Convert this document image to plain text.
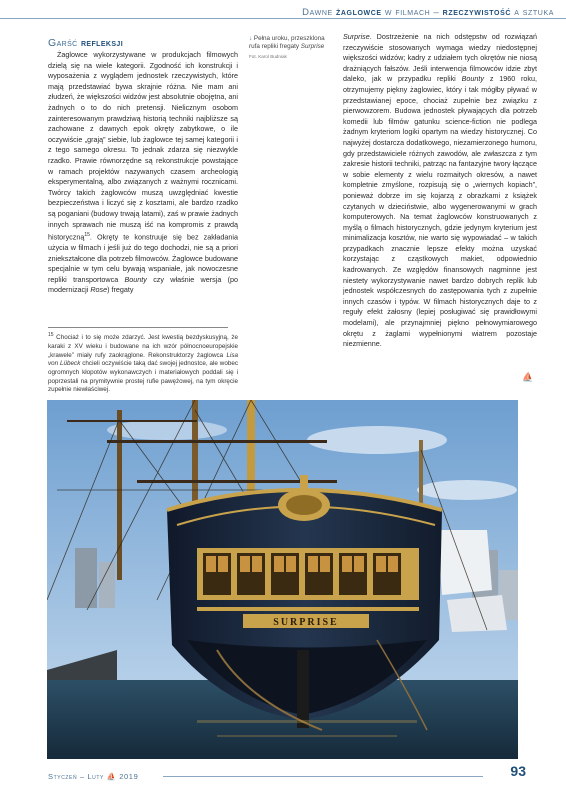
Dawne żaglowce w filmach – rzeczywistość a sztuka
Garść refleksji

Żaglowce wykorzystywane w produkcjach filmowych dzielą się na wiele kategorii. Zgodność ich konstrukcji i wyposażenia z wyglądem jednostek rzeczywistych, które mają przedstawiać bywa skrajnie różna. Nie mam ani złudzeń, że większości widzów jest absolutnie obojętna, ani żadnych o to do nich pretensji. Nielicznym osobom zainteresowanym prawdziwą historią techniki najbliższe są zachowane z dawnych epok okręty zabytkowe, o ile oczywiście „grają” siebie, lub żaglowce tej samej kategorii i z tego samego okresu. To jednak zdarza się niezwykle rzadko. Prawie równorzędne są rekonstrukcje powstające w ramach projektów nazywanych czasem archeologią eksperymentalną, albo związanych z ważnymi rocznicami. Twórcy takich żaglowców muszą uwzględniać kwestie bezpieczeństwa i liczyć się z kosztami, ale bardzo rzadko są poganiani (budowy trwają latami), zaś w prawie żadnych innych sprawach nie muszą iść na kompromis z prawdą historyczną$^{15}$. Okręty te konstruuje się bez zakładania użycia w filmach i jeśli już do tego dochodzi, nie są a priori zniekształcone dla potrzeb filmowców. Żaglowce budowane specjalnie w tym celu bywają wspaniałe, jak nowoczesne repliki transportowca Bounty czy właśnie wersja (po modernizacji Rose) fregaty

$^{15}$ Chociaż i to się może zdarzyć. Jest kwestią bezdyskusyjną, że karaki z XV wieku i budowane na ich wzór północnoeuropejskie „krawele” miały rufy zaokrąglone. Rekonstruktorzy żaglowca Lisa von Lübeck chcieli oczywiście taką dać swojej jednostce, ale wobec ogromnych kłopotów wykonawczych i materiałowych poddali się i poprzestali na prymitywnie prostej rufie pawężowej, na tym okręcie zupełnie niewłaściwej.
↓ Pełna uroku, przeszklona rufa repliki fregaty Surprise
Fot. Karol Budniak

Surprise. Dostrzeżenie na nich odstępstw od rozwiązań rzeczywiście stosowanych wymaga wiedzy niedostępnej większości widzów; kadry z udziałem tych okrętów nie niosą drażniących fałszów. Jeśli interwencja filmowców idzie zbyt daleko, jak w przypadku repliki Bounty z 1960 roku, otrzymujemy piękny żaglowiec, który i tak mógłby pływać w przedstawianej epoce, chociaż zupełnie bez związku z pierwowzorem. Budowa jednostek pływających dla potrzeb komedii lub filmów gatunku science-fiction nie podlega żadnym kryteriom logiki opartym na wiedzy historycznej. Co najwyżej dostarcza dodatkowego, niezamierzonego humoru, gdy przedstawiciele różnych zawodów, ale zwłaszcza z tym zakresie historii techniki, patrząc na fantazyjne twory łączące w sobie elementy z wielu rozmaitych okresów, a nawet kompletnie zmyślone, rozpisują się o „wiernych kopiach”, ponieważ dobrze im się kojarzą z obrazkami z książek czytanych w dzieciństwie, albo wygenerowanymi w grach komputerowych. Na temat żaglowców konstruowanych z myślą o filmach historycznych, gdzie jedynym kryterium jest minimalizacja kosztów, nie warto się wypowiadać – w takich przypadkach znacznie lepsze efekty można uzyskać korzystając z cząstkowych makiet, odpowiednio kadrowanych. Ze względów finansowych nagminne jest niestety wykorzystywanie nawet bardzo dobrych replik lub jednostek współczesnych do zastępowania tych z zupełnie innych czasów i typów. W filmach historycznych daje to z reguły efekt żałosny (lepiej posługiwać się prawidłowymi modelami), ale przynajmniej piękno pełnowymiarowego okrętu z żaglami wypełnionymi wiatrem pozostaje niezmienne.

⛵
SURPRISE
Styczeń – Luty ⛵ 2019	93
